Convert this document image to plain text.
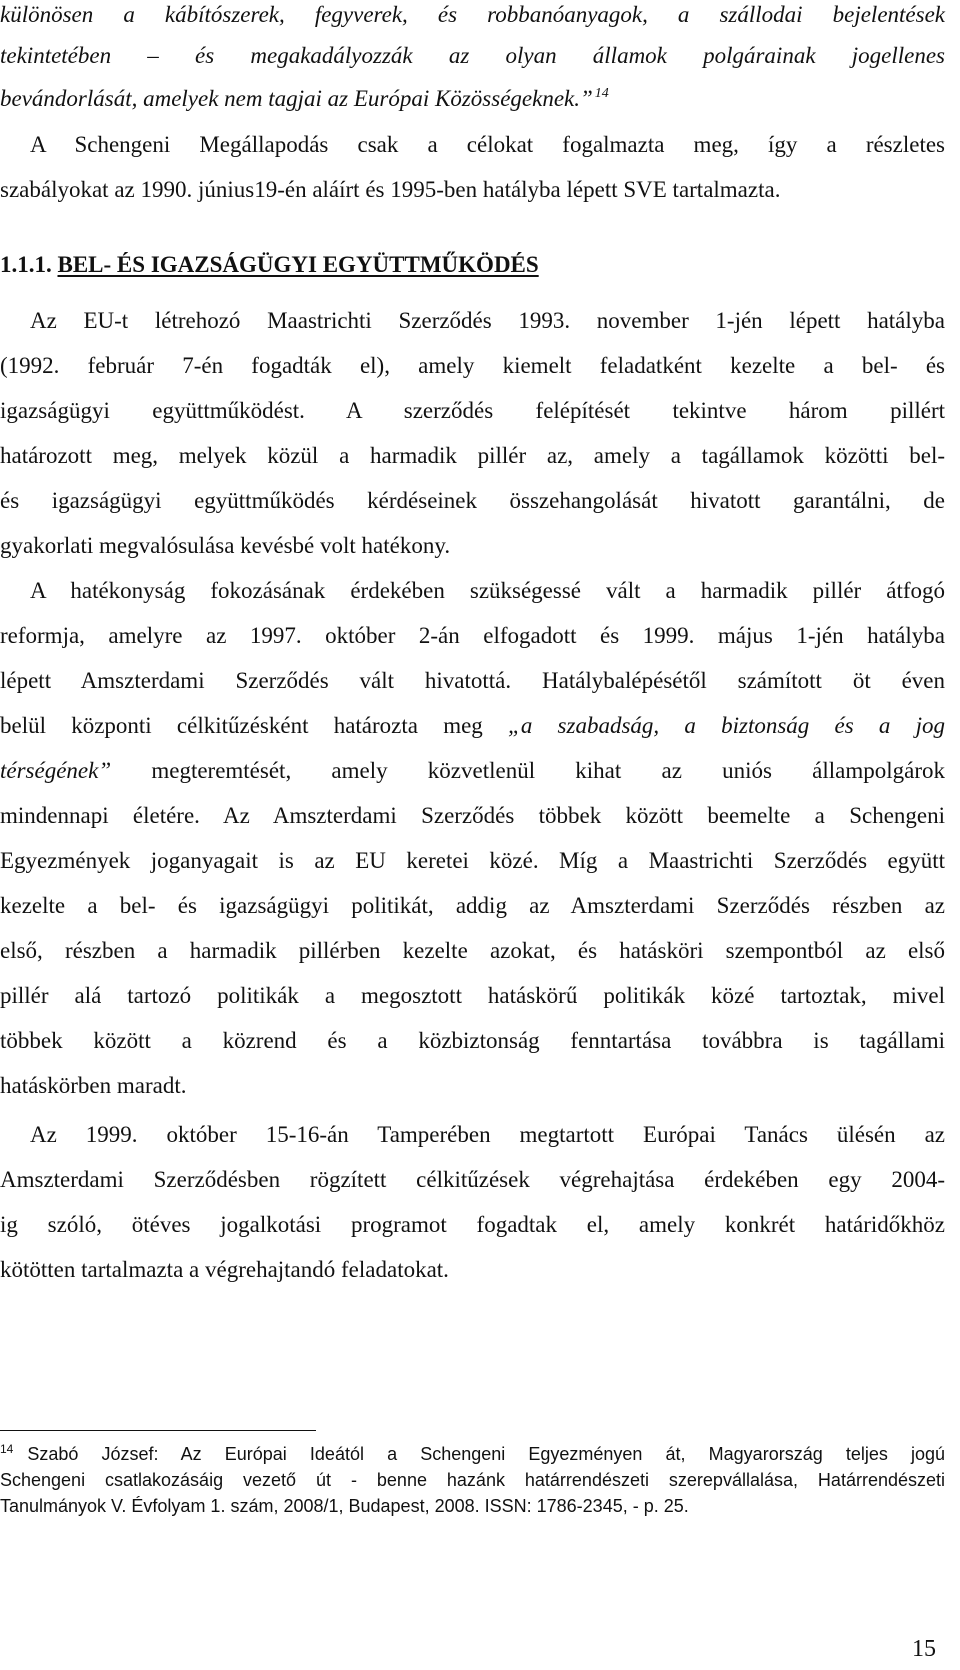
különösen a kábítószerek, fegyverek, és robbanóanyagok, a szállodai bejelentések
tekintetében – és megakadályozzák az olyan államok polgárainak jogellenes
bevándorlását, amelyek nem tagjai az Európai Közösségeknek.” $^{14}$
A Schengeni Megállapodás csak a célokat fogalmazta meg, így a részletes
szabályokat az 1990. június19-én aláírt és 1995-ben hatályba lépett SVE tartalmazta.
1.1.1. BEL- ÉS IGAZSÁGÜGYI EGYÜTTMŰKÖDÉS
Az EU-t létrehozó Maastrichti Szerződés 1993. november 1-jén lépett hatályba
(1992. február 7-én fogadták el), amely kiemelt feladatként kezelte a bel- és
igazságügyi együttműködést. A szerződés felépítését tekintve három pillért
határozott meg, melyek közül a harmadik pillér az, amely a tagállamok közötti bel-
és igazságügyi együttműködés kérdéseinek összehangolását hivatott garantálni, de
gyakorlati megvalósulása kevésbé volt hatékony.
A hatékonyság fokozásának érdekében szükségessé vált a harmadik pillér átfogó
reformja, amelyre az 1997. október 2-án elfogadott és 1999. május 1-jén hatályba
lépett Amszterdami Szerződés vált hivatottá. Hatálybalépésétől számított öt éven
belül központi célkitűzésként határozta meg „a szabadság, a biztonság és a jog
térségének” megteremtését, amely közvetlenül kihat az uniós állampolgárok
mindennapi életére. Az Amszterdami Szerződés többek között beemelte a Schengeni
Egyezmények joganyagait is az EU keretei közé. Míg a Maastrichti Szerződés együtt
kezelte a bel- és igazságügyi politikát, addig az Amszterdami Szerződés részben az
első, részben a harmadik pillérben kezelte azokat, és hatásköri szempontból az első
pillér alá tartozó politikák a megosztott hatáskörű politikák közé tartoztak, mivel
többek között a közrend és a közbiztonság fenntartása továbbra is tagállami
hatáskörben maradt.
Az 1999. október 15-16-án Tamperében megtartott Európai Tanács ülésén az
Amszterdami Szerződésben rögzített célkitűzések végrehajtása érdekében egy 2004-
ig szóló, ötéves jogalkotási programot fogadtak el, amely konkrét határidőkhöz
kötötten tartalmazta a végrehajtandó feladatokat.
$^{14}$ Szabó József: Az Európai Ideától a Schengeni Egyezményen át, Magyarország teljes jogú
Schengeni csatlakozásáig vezető út - benne hazánk határrendészeti szerepvállalása, Határrendészeti
Tanulmányok V. Évfolyam 1. szám, 2008/1, Budapest, 2008. ISSN: 1786-2345, - p. 25.
15
